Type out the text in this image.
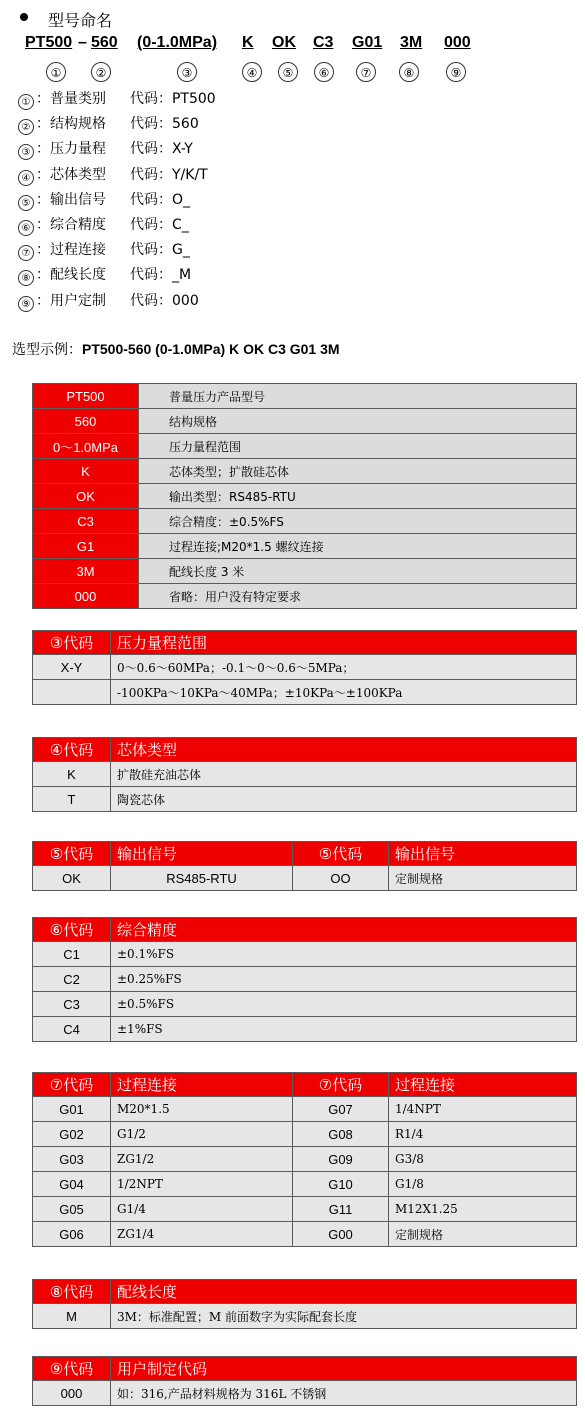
型号命名
PT500 – 560 (0-1.0MPa) K OK C3 G01 3M 000
①	②	③	④	⑤	⑥	⑦	⑧	⑨
① ：普量类别 代码：PT500
② ：结构规格 代码：560
③ ：压力量程 代码：X-Y
④ ：芯体类型 代码：Y/K/T
⑤ ：输出信号 代码：O_
⑥ ：综合精度 代码：C_
⑦ ：过程连接 代码：G_
⑧ ：配线长度 代码：_M
⑨ ：用户定制 代码：000
选型示例：PT500-560 (0-1.0MPa) K OK C3 G01 3M
PT500	普量压力产品型号
560	结构规格
0～1.0MPa	压力量程范围
K	芯体类型；扩散硅芯体
OK	输出类型：RS485-RTU
C3	综合精度：±0.5%FS
G1	过程连接;M20*1.5 螺纹连接
3M	配线长度 3 米
000	省略：用户没有特定要求
③代码	压力量程范围
X-Y	0～0.6～60MPa；-0.1～0～0.6～5MPa；
	-100KPa～10KPa～40MPa；±10KPa～±100KPa
④代码	芯体类型
K	扩散硅充油芯体
T	陶瓷芯体
⑤代码	输出信号	⑤代码	输出信号
OK	RS485-RTU	OO	定制规格
⑥代码	综合精度
C1	±0.1%FS
C2	±0.25%FS
C3	±0.5%FS
C4	±1%FS
⑦代码	过程连接	⑦代码	过程连接
G01	M20*1.5	G07	1/4NPT
G02	G1/2	G08	R1/4
G03	ZG1/2	G09	G3/8
G04	1/2NPT	G10	G1/8
G05	G1/4	G11	M12X1.25
G06	ZG1/4	G00	定制规格
⑧代码	配线长度
M	3M：标准配置；M 前面数字为实际配套长度
⑨代码	用户制定代码
000	如：316,产品材料规格为 316L 不锈钢
